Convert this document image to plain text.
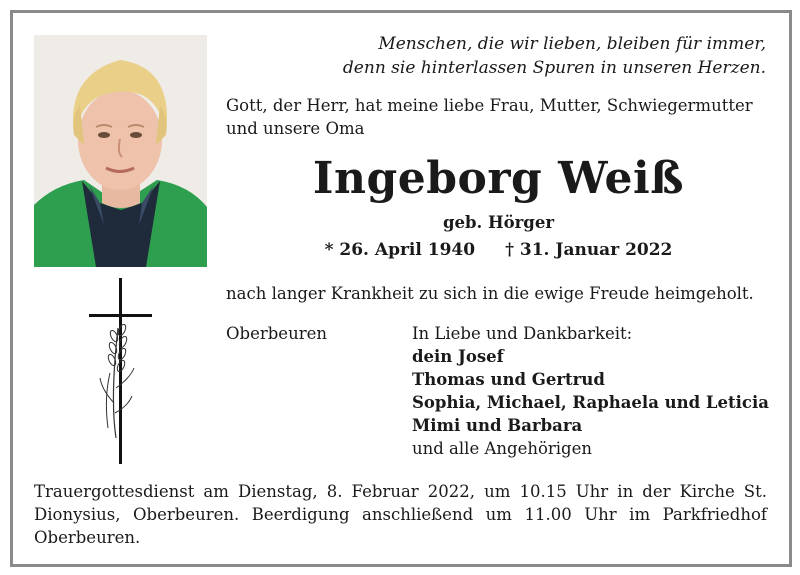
Menschen, die wir lieben, bleiben für immer,
denn sie hinterlassen Spuren in unseren Herzen.
Gott, der Herr, hat meine liebe Frau, Mutter, Schwiegermutter
und unsere Oma
Ingeborg Weiß
geb. Hörger
* 26. April 1940 † 31. Januar 2022
nach langer Krankheit zu sich in die ewige Freude heimgeholt.
Oberbeuren	In Liebe und Dankbarkeit:
dein Josef
Thomas und Gertrud
Sophia, Michael, Raphaela und Leticia
Mimi und Barbara
und alle Angehörigen
Trauergottesdienst am Dienstag, 8. Februar 2022, um 10.15 Uhr in der Kirche St. Dionysius, Oberbeuren. Beerdigung anschließend um 11.00 Uhr im Parkfriedhof Oberbeuren.
